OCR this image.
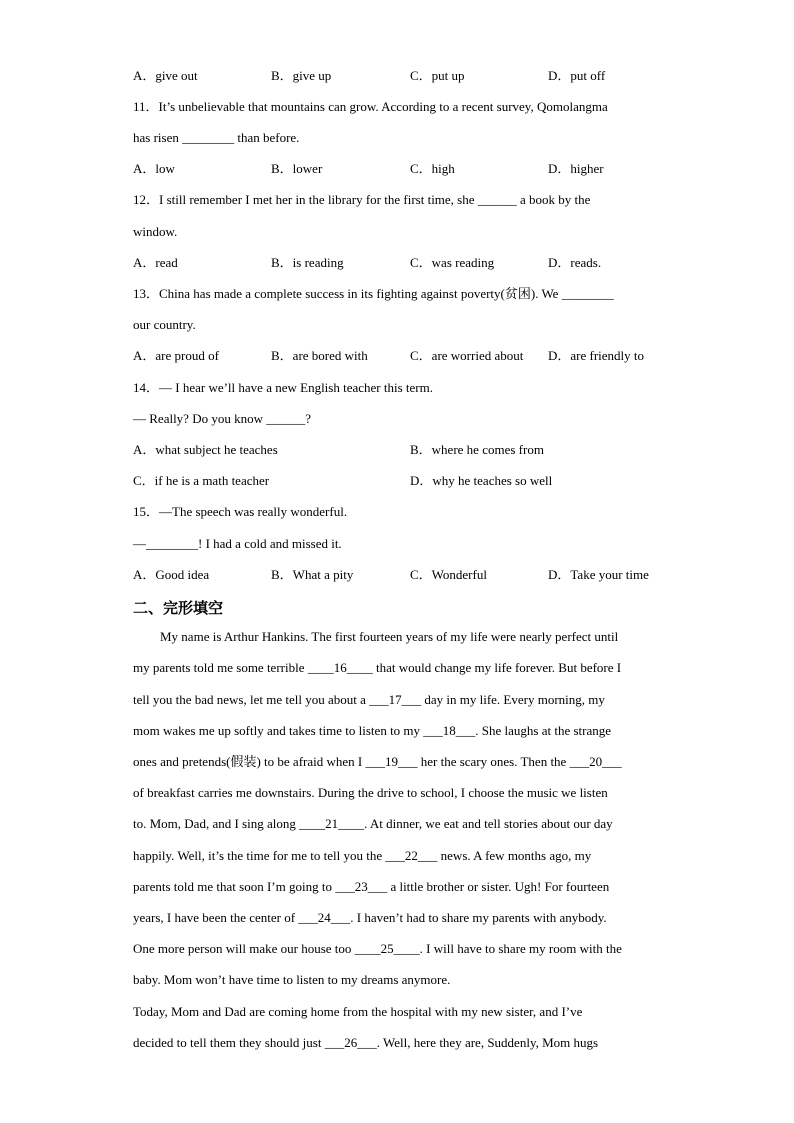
A．give out	B．give up	C．put up	D．put off
11．It’s unbelievable that mountains can grow. According to a recent survey, Qomolangma
has risen ________ than before.
A．low	B．lower	C．high	D．higher
12．I still remember I met her in the library for the first time, she ______ a book by the
window.
A．read	B．is reading	C．was reading	D．reads.
13．China has made a complete success in its fighting against poverty(贫困). We ________
our country.
A．are proud of	B．are bored with	C．are worried about D．are friendly to
14．— I hear we’ll have a new English teacher this term.
— Really? Do you know ______?
A．what subject he teaches	B．where he comes from
C．if he is a math teacher	D．why he teaches so well
15．—The speech was really wonderful.
—________! I had a cold and missed it.
A．Good idea	B．What a pity	C．Wonderful	D．Take your time
二、完形填空
My name is Arthur Hankins. The first fourteen years of my life were nearly perfect until
my parents told me some terrible ____16____ that would change my life forever. But before I
tell you the bad news, let me tell you about a ___17___ day in my life. Every morning, my
mom wakes me up softly and takes time to listen to my ___18___. She laughs at the strange
ones and pretends(假装) to be afraid when I ___19___ her the scary ones. Then the ___20___
of breakfast carries me downstairs. During the drive to school, I choose the music we listen
to. Mom, Dad, and I sing along ____21____. At dinner, we eat and tell stories about our day
happily. Well, it’s the time for me to tell you the ___22___ news. A few months ago, my
parents told me that soon I’m going to ___23___ a little brother or sister. Ugh! For fourteen
years, I have been the center of ___24___. I haven’t had to share my parents with anybody.
One more person will make our house too ____25____. I will have to share my room with the
baby. Mom won’t have time to listen to my dreams anymore.
Today, Mom and Dad are coming home from the hospital with my new sister, and I’ve
decided to tell them they should just ___26___. Well, here they are, Suddenly, Mom hugs
